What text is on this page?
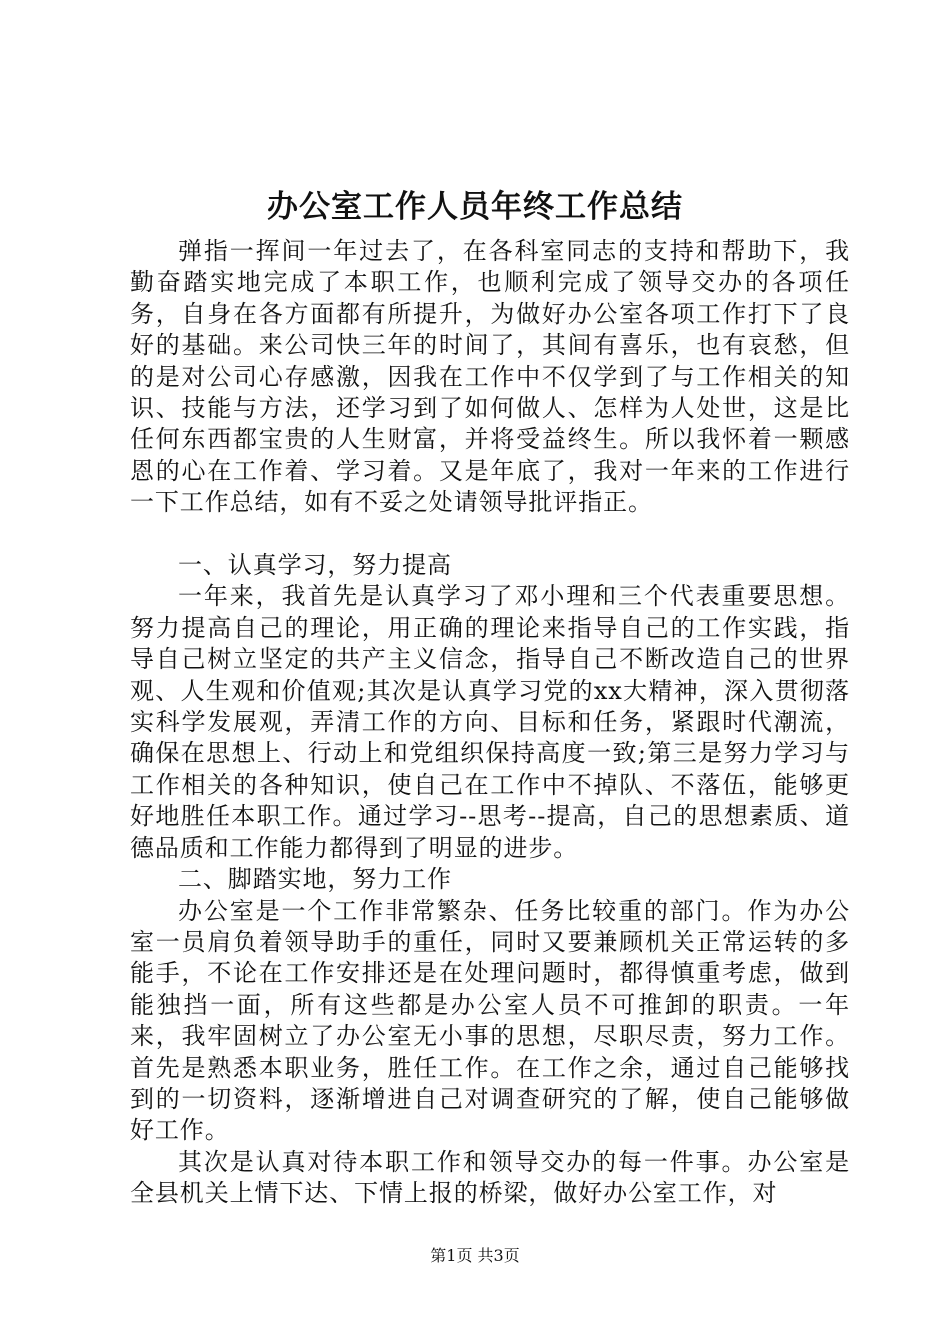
办公室工作人员年终工作总结

弹指一挥间一年过去了，在各科室同志的支持和帮助下，我勤奋踏实地完成了本职工作，也顺利完成了领导交办的各项任务，自身在各方面都有所提升，为做好办公室各项工作打下了良好的基础。来公司快三年的时间了，其间有喜乐，也有哀愁，但的是对公司心存感激，因我在工作中不仅学到了与工作相关的知识、技能与方法，还学习到了如何做人、怎样为人处世，这是比任何东西都宝贵的人生财富，并将受益终生。所以我怀着一颗感恩的心在工作着、学习着。又是年底了，我对一年来的工作进行一下工作总结，如有不妥之处请领导批评指正。

一、认真学习，努力提高

一年来，我首先是认真学习了邓小理和三个代表重要思想。努力提高自己的理论，用正确的理论来指导自己的工作实践，指导自己树立坚定的共产主义信念，指导自己不断改造自己的世界观、人生观和价值观;其次是认真学习党的xx大精神，深入贯彻落实科学发展观，弄清工作的方向、目标和任务，紧跟时代潮流，确保在思想上、行动上和党组织保持高度一致;第三是努力学习与工作相关的各种知识，使自己在工作中不掉队、不落伍，能够更好地胜任本职工作。通过学习--思考--提高，自己的思想素质、道德品质和工作能力都得到了明显的进步。

二、脚踏实地，努力工作

办公室是一个工作非常繁杂、任务比较重的部门。作为办公室一员肩负着领导助手的重任，同时又要兼顾机关正常运转的多能手，不论在工作安排还是在处理问题时，都得慎重考虑，做到能独挡一面，所有这些都是办公室人员不可推卸的职责。一年来，我牢固树立了办公室无小事的思想，尽职尽责，努力工作。首先是熟悉本职业务，胜任工作。在工作之余，通过自己能够找到的一切资料，逐渐增进自己对调查研究的了解，使自己能够做好工作。

其次是认真对待本职工作和领导交办的每一件事。办公室是全县机关上情下达、下情上报的桥梁，做好办公室工作，对

第1页 共3页
